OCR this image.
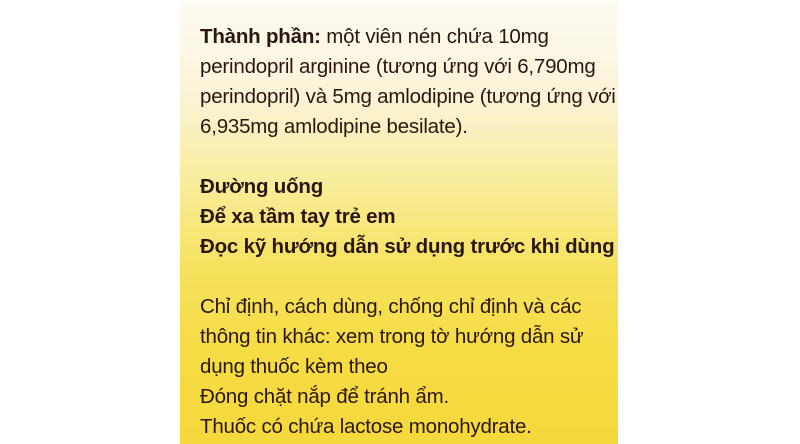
Thành phần: một viên nén chứa 10mg
perindopril arginine (tương ứng với 6,790mg
perindopril) và 5mg amlodipine (tương ứng với
6,935mg amlodipine besilate).
Đường uống
Để xa tầm tay trẻ em
Đọc kỹ hướng dẫn sử dụng trước khi dùng
Chỉ định, cách dùng, chống chỉ định và các
thông tin khác: xem trong tờ hướng dẫn sử
dụng thuốc kèm theo
Đóng chặt nắp để tránh ẩm.
Thuốc có chứa lactose monohydrate.
